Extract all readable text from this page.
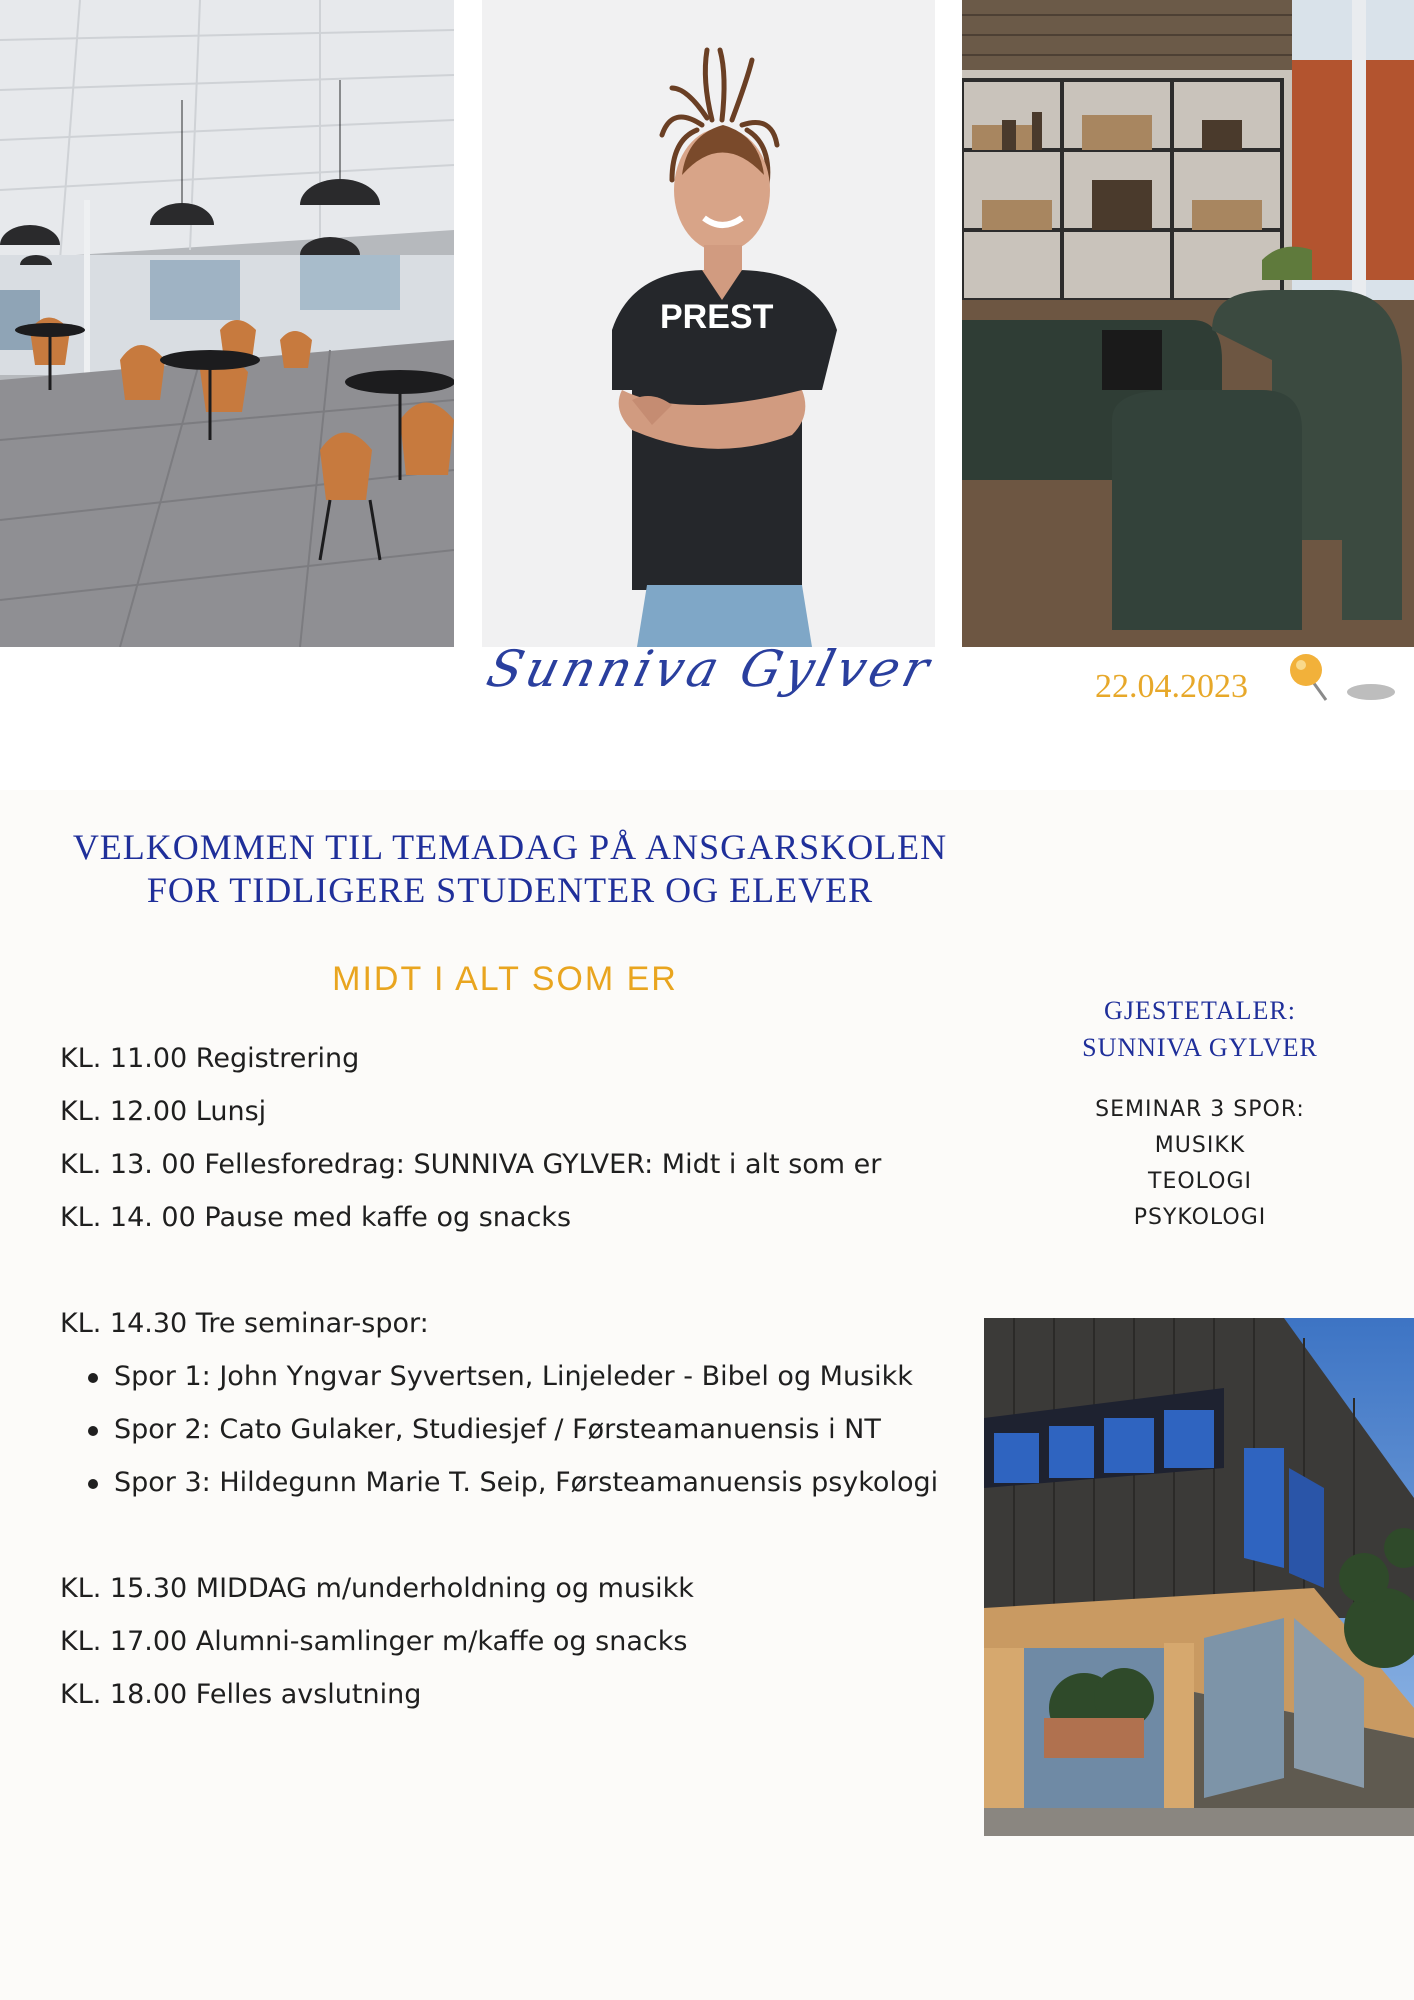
PREST
Sunniva Gylver	22.04.2023
VELKOMMEN TIL TEMADAG PÅ ANSGARSKOLEN
FOR TIDLIGERE STUDENTER OG ELEVER
MIDT I ALT SOM ER
KL. 11.00 Registrering
KL. 12.00 Lunsj
KL. 13. 00 Fellesforedrag: SUNNIVA GYLVER: Midt i alt som er
KL. 14. 00 Pause med kaffe og snacks
KL. 14.30 Tre seminar-spor:
Spor 1: John Yngvar Syvertsen, Linjeleder - Bibel og Musikk
Spor 2: Cato Gulaker, Studiesjef / Førsteamanuensis i NT
Spor 3: Hildegunn Marie T. Seip, Førsteamanuensis psykologi
KL. 15.30 MIDDAG m/underholdning og musikk
KL. 17.00 Alumni-samlinger m/kaffe og snacks
KL. 18.00 Felles avslutning
GJESTETALER:
SUNNIVA GYLVER
SEMINAR 3 SPOR:
MUSIKK
TEOLOGI
PSYKOLOGI
